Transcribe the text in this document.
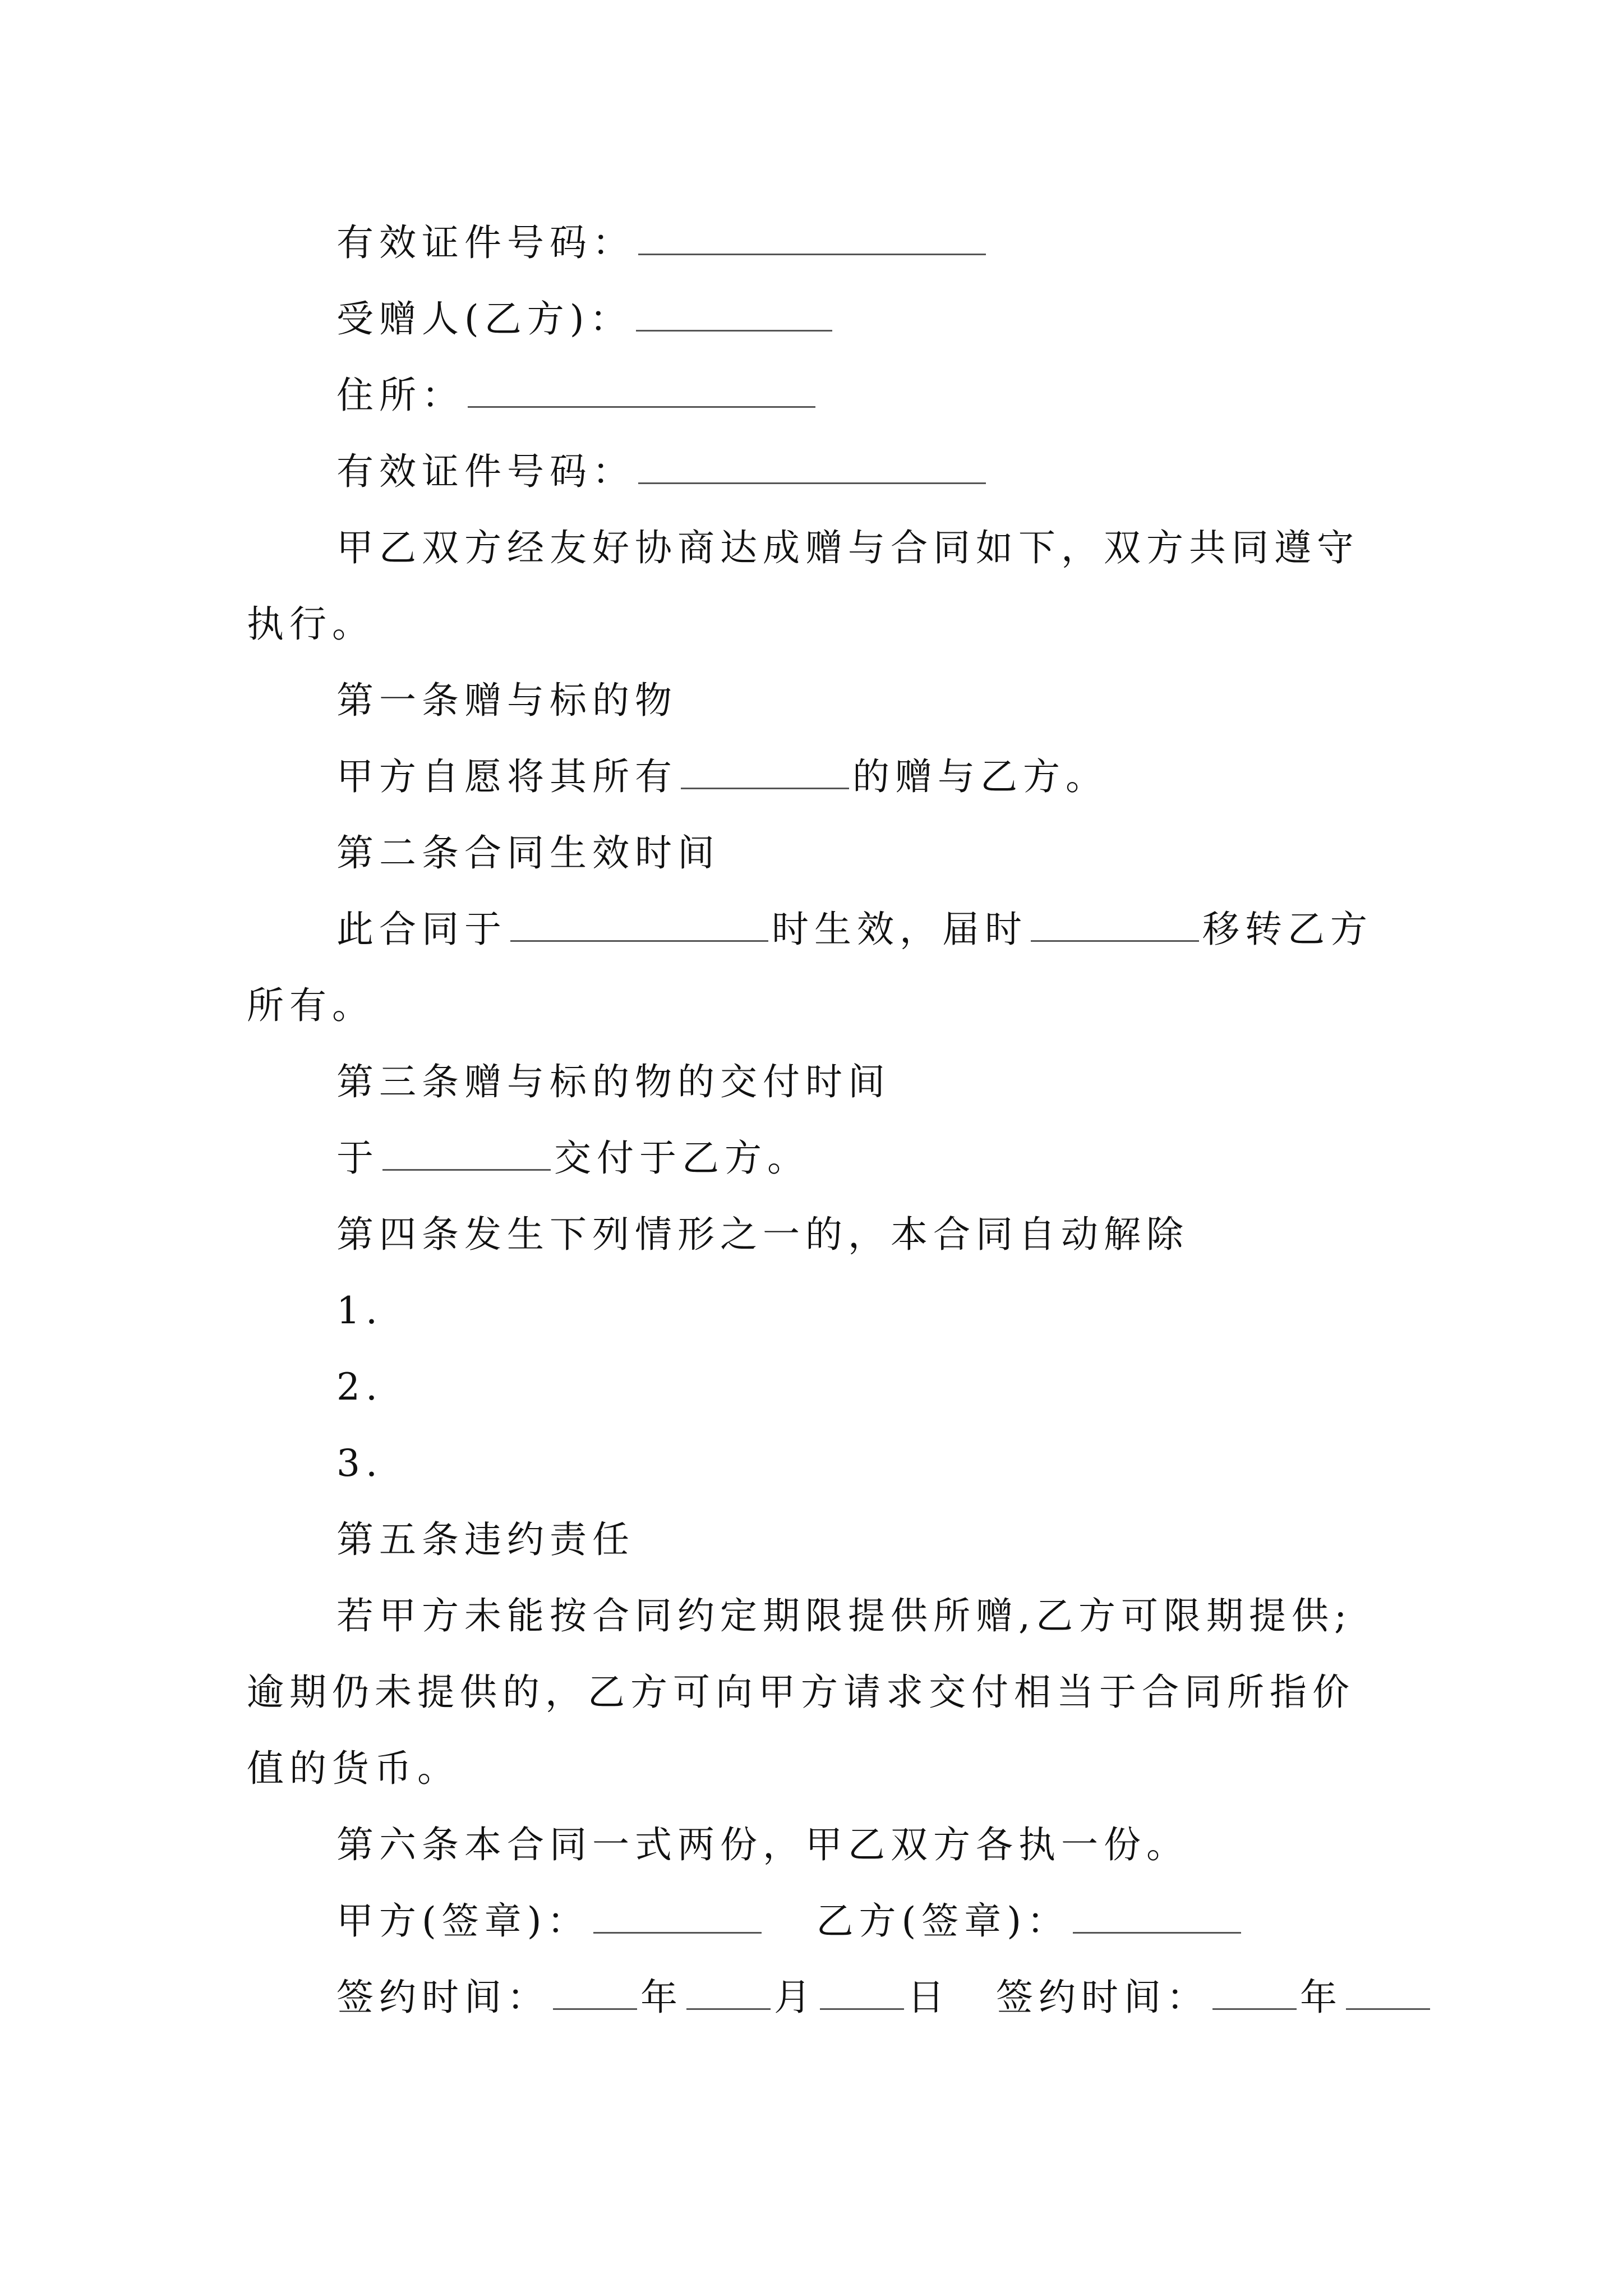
有效证件号码：
受赠人(乙方)：
住所：
有效证件号码：
甲乙双方经友好协商达成赠与合同如下，双方共同遵守
执行。
第一条赠与标的物
甲方自愿将其所有	的赠与乙方。
第二条合同生效时间
此合同于	时生效，届时	移转乙方
所有。
第三条赠与标的物的交付时间
于	交付于乙方。
第四条发生下列情形之一的，本合同自动解除
1.
2.
3.
第五条违约责任
若甲方未能按合同约定期限提供所赠,乙方可限期提供;
逾期仍未提供的，乙方可向甲方请求交付相当于合同所指价
值的货币。
第六条本合同一式两份，甲乙双方各执一份。
甲方(签章)：	乙方(签章)：
签约时间： 年 月 日 签约时间： 年
